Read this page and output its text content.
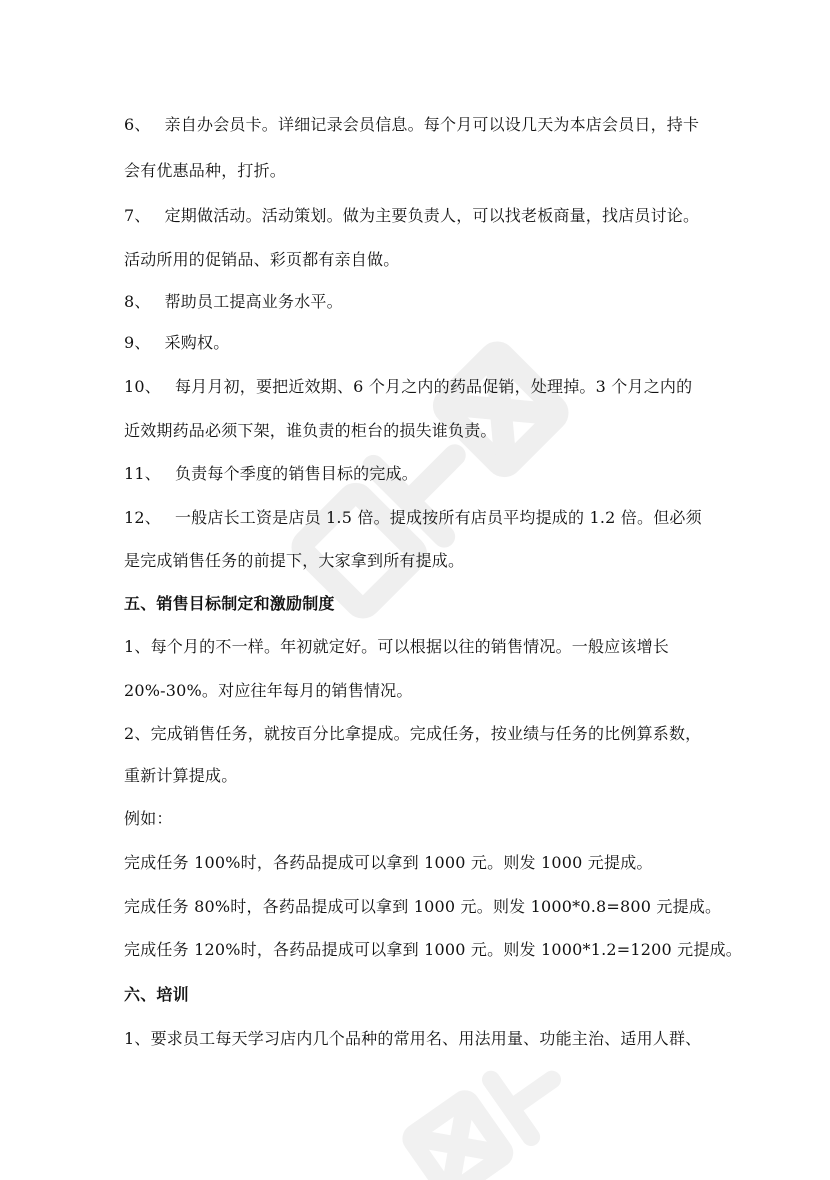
6、 亲自办会员卡。详细记录会员信息。每个月可以设几天为本店会员日，持卡
会有优惠品种，打折。
7、 定期做活动。活动策划。做为主要负责人，可以找老板商量，找店员讨论。
活动所用的促销品、彩页都有亲自做。
8、 帮助员工提高业务水平。
9、 采购权。
10、 每月月初，要把近效期、6 个月之内的药品促销，处理掉。3 个月之内的
近效期药品必须下架，谁负责的柜台的损失谁负责。
11、 负责每个季度的销售目标的完成。
12、 一般店长工资是店员 1.5 倍。提成按所有店员平均提成的 1.2 倍。但必须
是完成销售任务的前提下，大家拿到所有提成。
五、销售目标制定和激励制度
1、每个月的不一样。年初就定好。可以根据以往的销售情况。一般应该增长
20%-30%。对应往年每月的销售情况。
2、完成销售任务，就按百分比拿提成。完成任务，按业绩与任务的比例算系数，
重新计算提成。
例如：
完成任务 100%时，各药品提成可以拿到 1000 元。则发 1000 元提成。
完成任务 80%时，各药品提成可以拿到 1000 元。则发 1000*0.8=800 元提成。
完成任务 120%时，各药品提成可以拿到 1000 元。则发 1000*1.2=1200 元提成。
六、培训
1、要求员工每天学习店内几个品种的常用名、用法用量、功能主治、适用人群、
